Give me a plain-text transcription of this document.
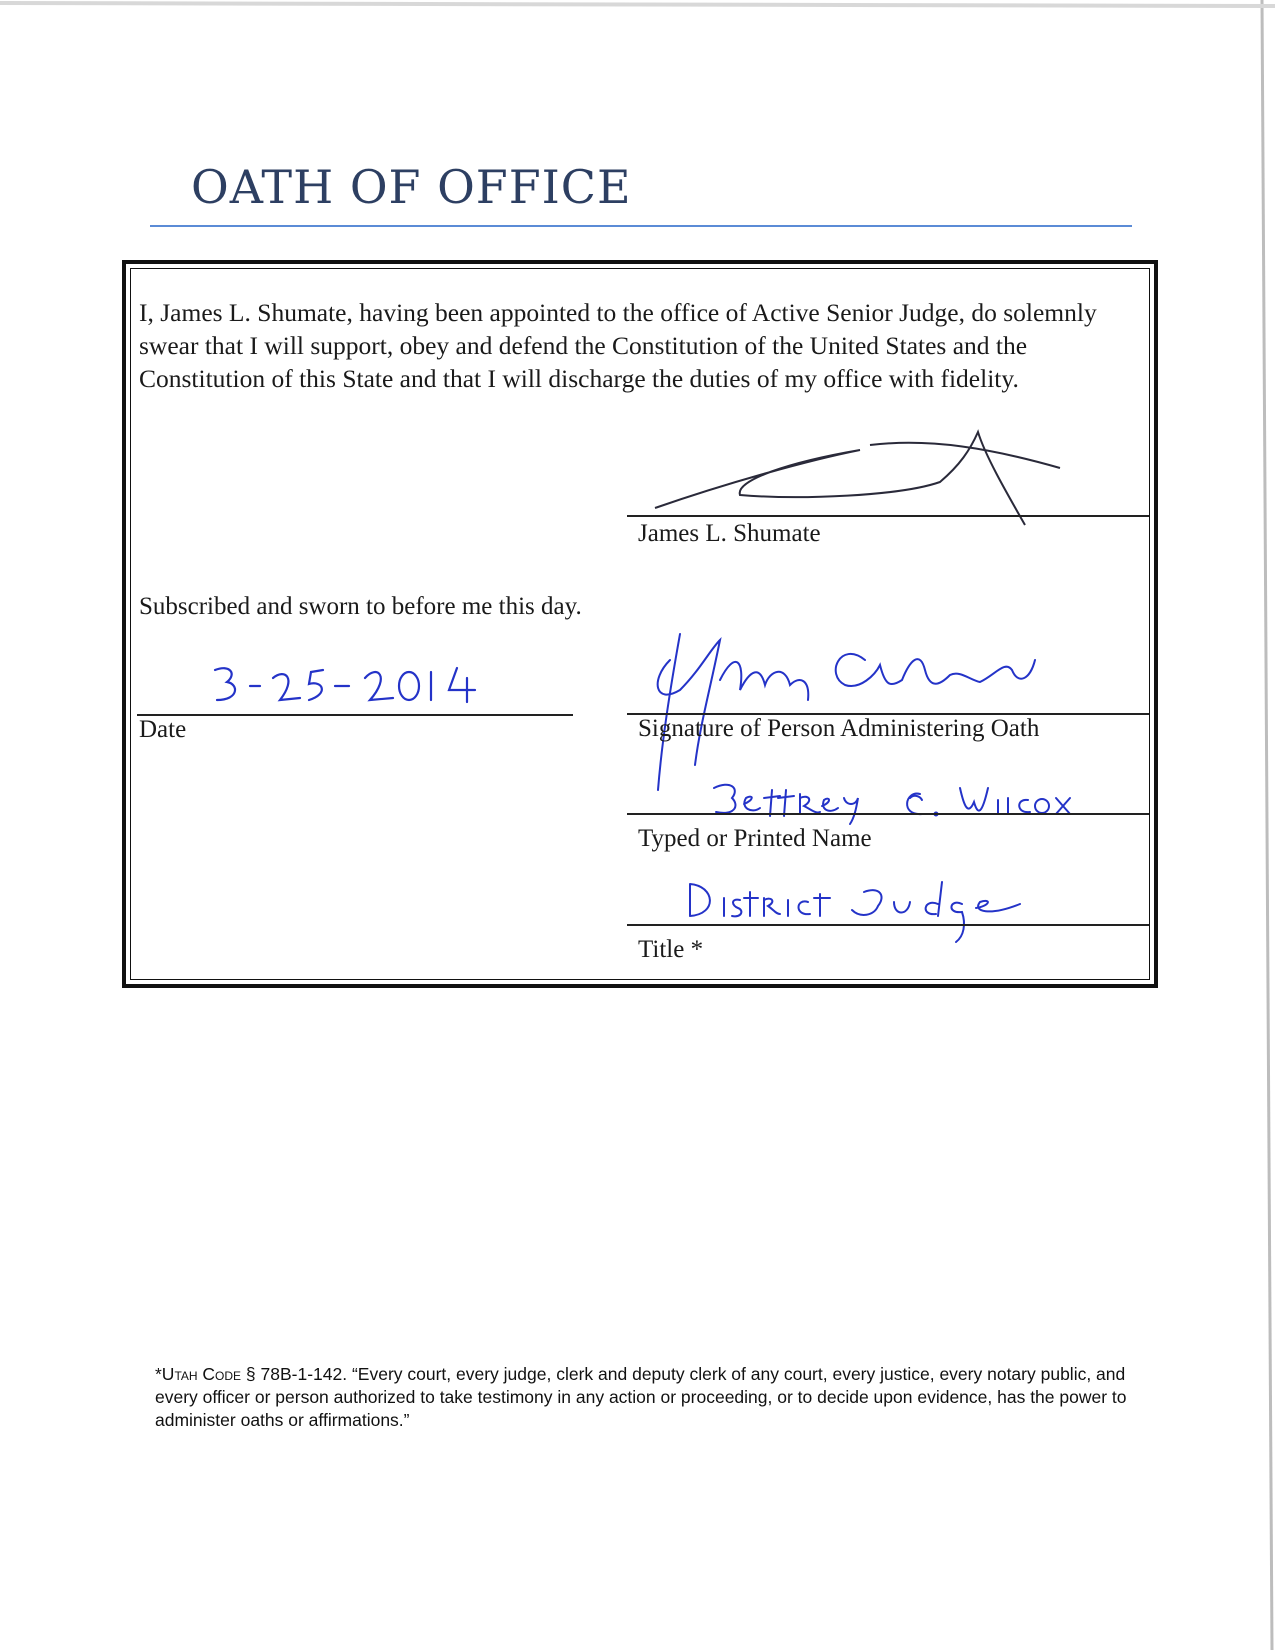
OATH OF OFFICE

I, James L. Shumate, having been appointed to the office of Active Senior Judge, do solemnly swear that I will support, obey and defend the Constitution of the United States and the Constitution of this State and that I will discharge the duties of my office with fidelity.

James L. Shumate

Subscribed and sworn to before me this day.

Date	Signature of Person Administering Oath

Typed or Printed Name

Title *

*Utah Code § 78B-1-142. “Every court, every judge, clerk and deputy clerk of any court, every justice, every notary public, and every officer or person authorized to take testimony in any action or proceeding, or to decide upon evidence, has the power to administer oaths or affirmations.”
